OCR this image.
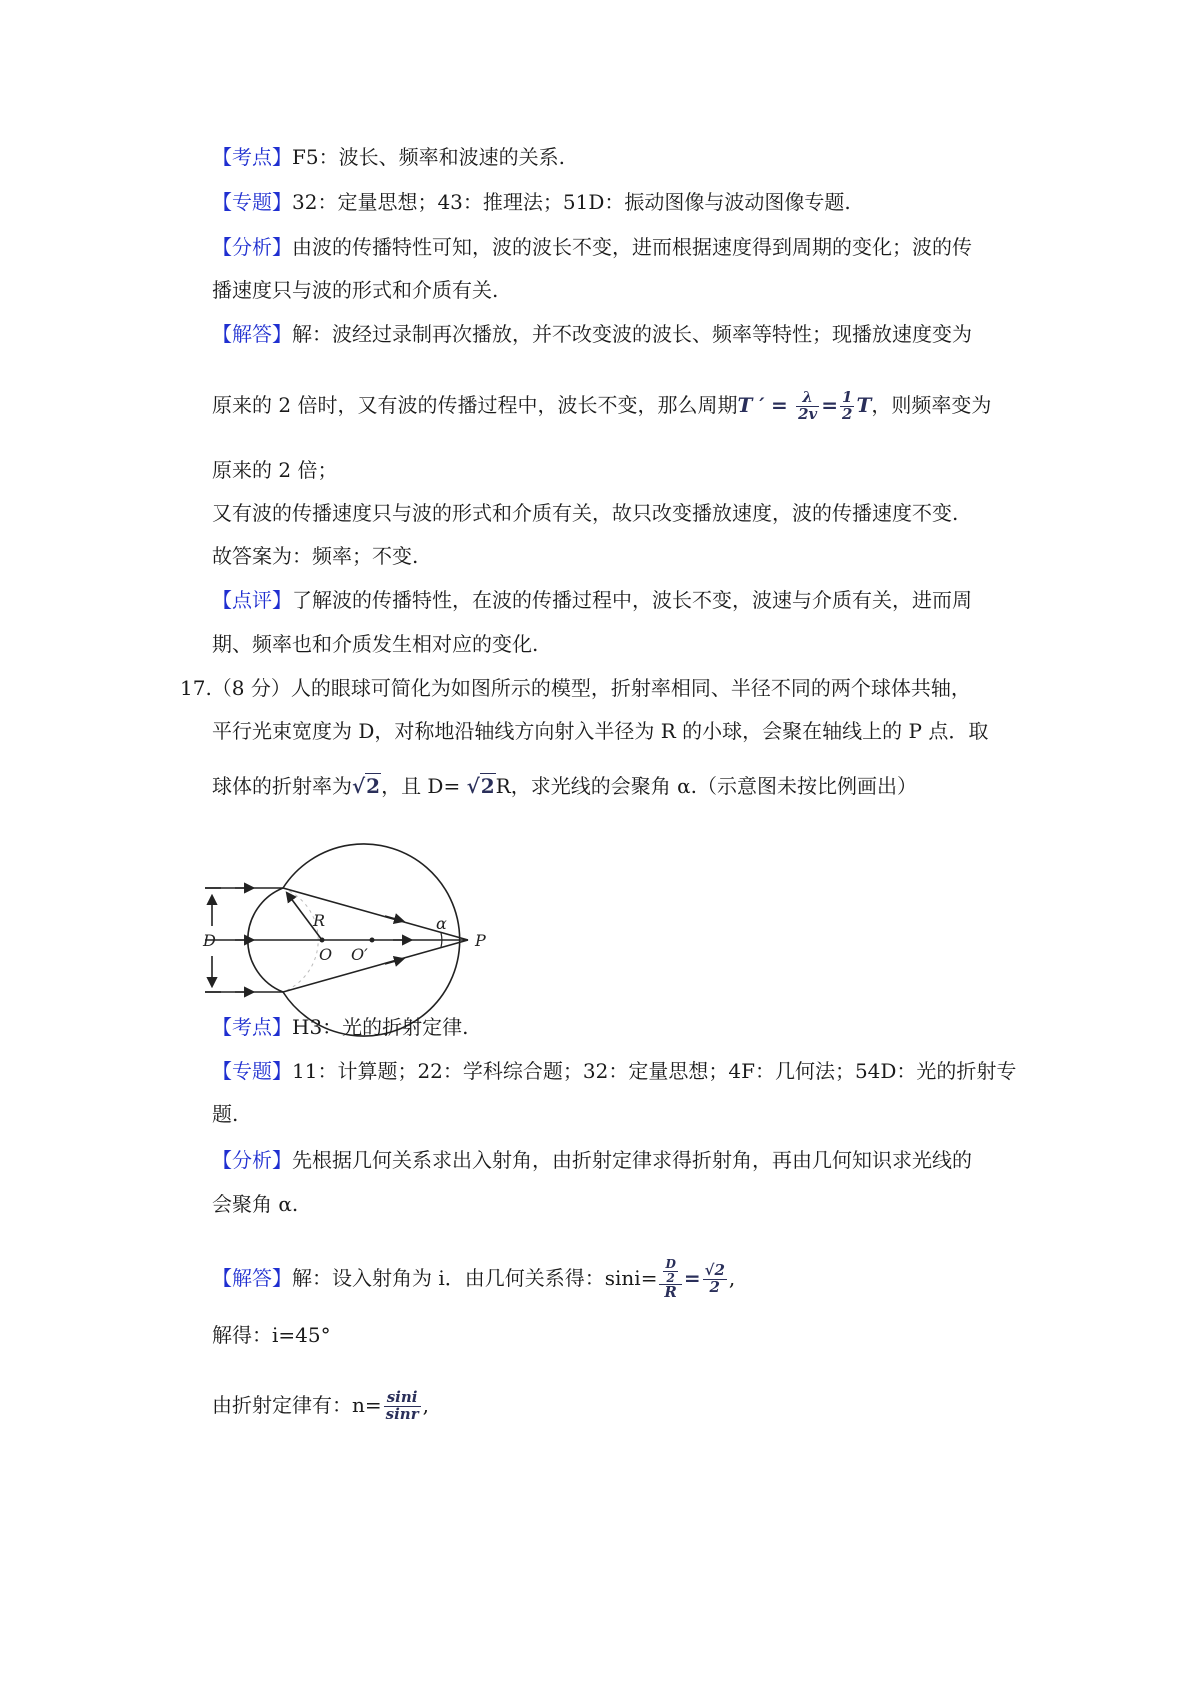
【考点】F5：波长、频率和波速的关系.
【专题】32：定量思想；43：推理法；51D：振动图像与波动图像专题.
【分析】由波的传播特性可知，波的波长不变，进而根据速度得到周期的变化；波的传
播速度只与波的形式和介质有关.
【解答】解：波经过录制再次播放，并不改变波的波长、频率等特性；现播放速度变为
原来的 2 倍时，又有波的传播过程中，波长不变，那么周期T ′ = $\frac{\lambda}{2v} = \frac{1}{2}$ T，则频率变为
原来的 2 倍；
又有波的传播速度只与波的形式和介质有关，故只改变播放速度，波的传播速度不变.
故答案为：频率；不变.
【点评】了解波的传播特性，在波的传播过程中，波长不变，波速与介质有关，进而周
期、频率也和介质发生相对应的变化.
17.（8 分）人的眼球可简化为如图所示的模型，折射率相同、半径不同的两个球体共轴，
平行光束宽度为 D，对称地沿轴线方向射入半径为 R 的小球，会聚在轴线上的 P 点．取
球体的折射率为√2，且 D= √2R，求光线的会聚角 α.（示意图未按比例画出）
D
R
O O′
α
P
【考点】H3：光的折射定律.
【专题】11：计算题；22：学科综合题；32：定量思想；4F：几何法；54D：光的折射专
题.
【分析】先根据几何关系求出入射角，由折射定律求得折射角，再由几何知识求光线的
会聚角 α.
【解答】解：设入射角为 i．由几何关系得：$\sin i= \frac{\frac{D}{2}}{R} = \frac{√2}{2}$ ,
解得：i=45°
由折射定律有：$n= \frac{\sin i}{\sin r}$ ,
